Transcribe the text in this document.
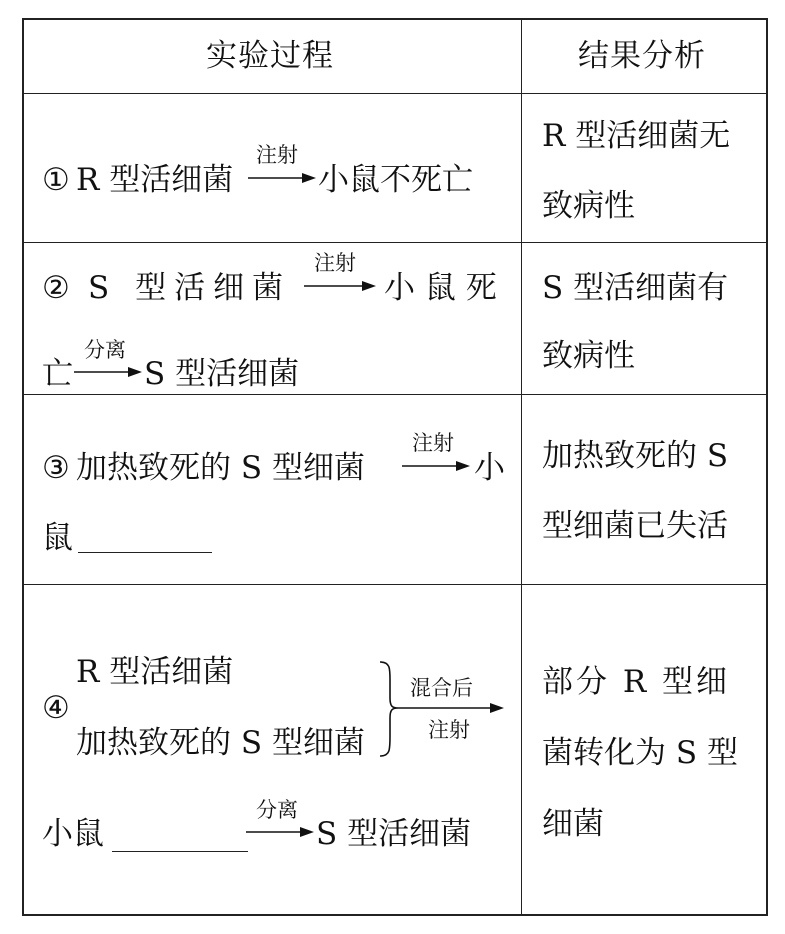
实验过程	结果分析
① R 型活细菌
注射
小鼠不死亡
R 型活细菌无
致病性
② S 型活细菌
注射
小 鼠 死
亡
分离
S 型活细菌
S 型活细菌有
致病性
③ 加热致死的 S 型细菌
注射
小
鼠
加热致死的 S
型细菌已失活
④
R 型活细菌
加热致死的 S 型细菌
混合后
注射
小鼠
分离
S 型活细菌
部分 R 型细
菌转化为 S 型
细菌
